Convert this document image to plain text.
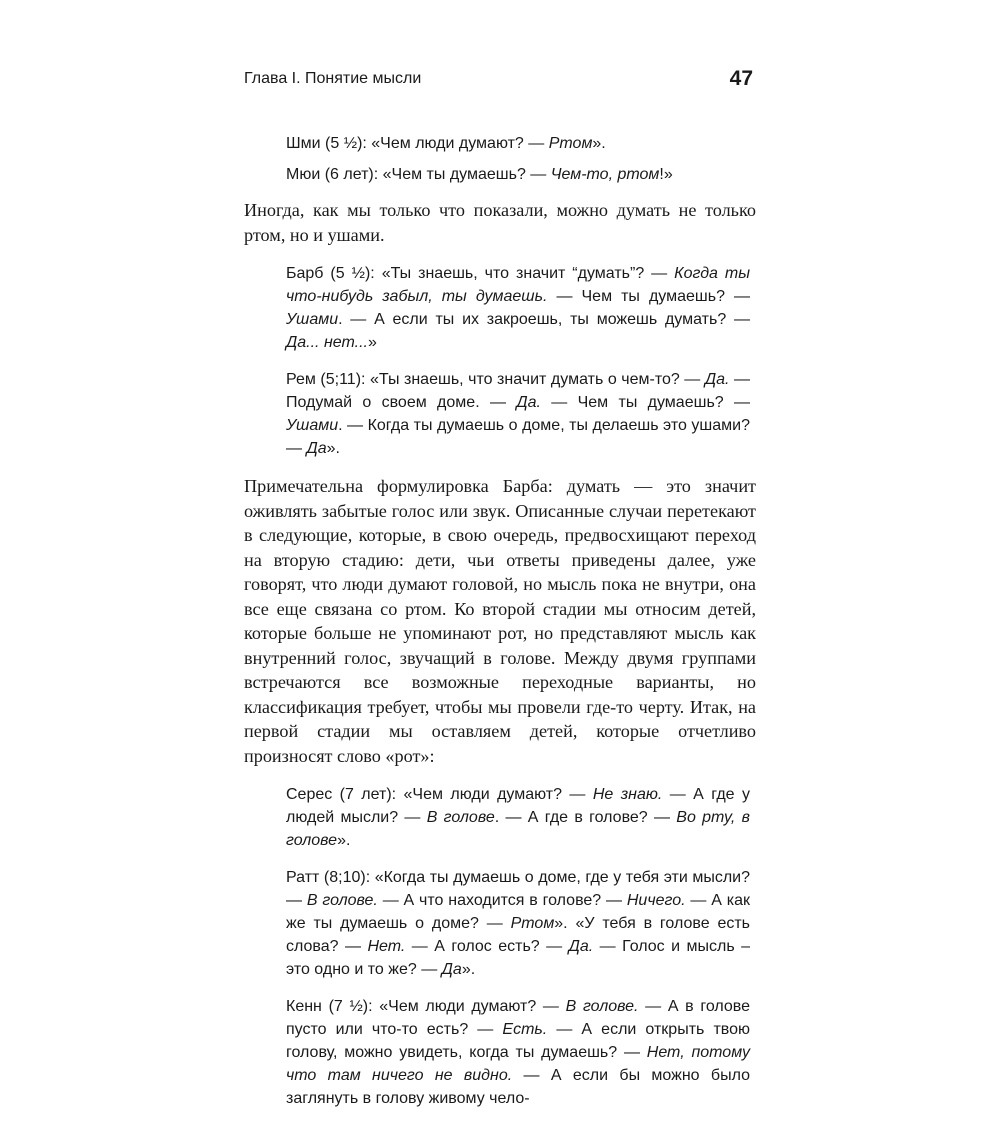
Глава I. Понятие мысли	47

Шми (5 ½): «Чем люди думают? — Ртом».

Мюи (6 лет): «Чем ты думаешь? — Чем-то, ртом!»

Иногда, как мы только что показали, можно думать не только ртом, но и ушами.

Барб (5 ½): «Ты знаешь, что значит “думать”? — Когда ты что-нибудь забыл, ты думаешь. — Чем ты думаешь? — Ушами. — А если ты их закроешь, ты можешь думать? — Да... нет...»

Рем (5;11): «Ты знаешь, что значит думать о чем-то? — Да. — Подумай о своем доме. — Да. — Чем ты думаешь? — Ушами. — Когда ты думаешь о доме, ты делаешь это ушами? — Да».

Примечательна формулировка Барба: думать — это значит оживлять забытые голос или звук. Описанные случаи перетекают в следующие, которые, в свою очередь, предвосхищают переход на вторую стадию: дети, чьи ответы приведены далее, уже говорят, что люди думают головой, но мысль пока не внутри, она все еще связана со ртом. Ко второй стадии мы относим детей, которые больше не упоминают рот, но представляют мысль как внутренний голос, звучащий в голове. Между двумя группами встречаются все возможные переходные варианты, но классификация требует, чтобы мы провели где-то черту. Итак, на первой стадии мы оставляем детей, которые отчетливо произносят слово «рот»:

Серес (7 лет): «Чем люди думают? — Не знаю. — А где у людей мысли? — В голове. — А где в голове? — Во рту, в голове».

Ратт (8;10): «Когда ты думаешь о доме, где у тебя эти мысли? — В голове. — А что находится в голове? — Ничего. — А как же ты думаешь о доме? — Ртом». «У тебя в голове есть слова? — Нет. — А голос есть? — Да. — Голос и мысль – это одно и то же? — Да».

Кенн (7 ½): «Чем люди думают? — В голове. — А в голове пусто или что-то есть? — Есть. — А если открыть твою голову, можно увидеть, когда ты думаешь? — Нет, потому что там ничего не видно. — А если бы можно было заглянуть в голову живому чело-
